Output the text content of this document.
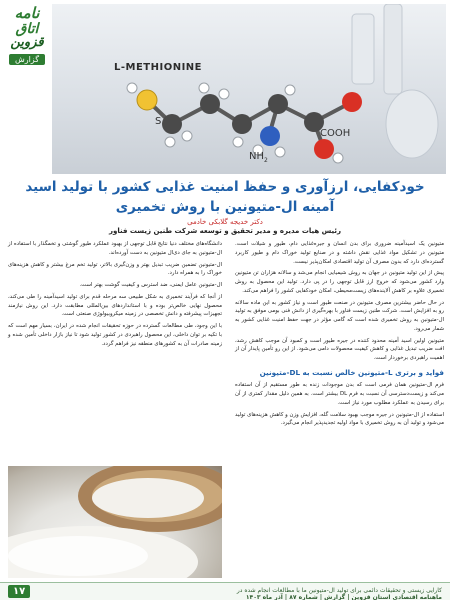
نامه
اتاق
قزوین
گزارش
L-METHIONINE
S
COOH
$NH_2$
خودکفایی، ارزآوری و حفظ امنیت غذایی کشور با تولید اسید آمینه ال-متیونین با روش تخمیری
دکتر خدیجه گلابکی خادمی
رئیس هیات مدیره و مدیر تحقیق و توسعه شرکت طنین زیست فناور

متیونین یک اسیدآمینه ضروری برای بدن انسان و جیره‌غذایی دام، طیور و شیلات است. متیونین در تشکیل مواد غذایی نقش داشته و در صنایع تولید خوراک دام و طیور کاربرد گسترده‌ای دارد که بدون مصرف آن تولید اقتصادی امکان‌پذیر نیست.

پیش از این تولید متیونین در جهان به روش شیمیایی انجام می‌شد و سالانه هزاران تن متیونین وارد کشور می‌شود که خروج ارز قابل توجهی را در پی دارد. تولید این محصول به روش تخمیری علاوه بر کاهش آلاینده‌های زیست‌محیطی، امکان خودکفایی کشور را فراهم می‌کند.

در حال حاضر بیشترین مصرف متیونین در صنعت طیور است و نیاز کشور به این ماده سالانه رو به افزایش است. شرکت طنین زیست فناور با بهره‌گیری از دانش فنی بومی موفق به تولید ال-متیونین به روش تخمیری شده است که گامی مؤثر در جهت حفظ امنیت غذایی کشور به شمار می‌رود.

متیونین اولین اسید آمینه محدود کننده در جیره طیور است و کمبود آن موجب کاهش رشد، افت ضریب تبدیل غذایی و کاهش کیفیت محصولات دامی می‌شود. از این رو تأمین پایدار آن از اهمیت راهبردی برخوردار است.

فواید و برتری L-متیونین خالص نسبت به DL-متیونین

فرم ال-متیونین همان فرمی است که بدن موجودات زنده به طور مستقیم از آن استفاده می‌کند و زیست‌دسترسی آن نسبت به فرم DL بیشتر است. به همین دلیل مقدار کمتری از آن برای رسیدن به عملکرد مطلوب مورد نیاز است.

استفاده از ال-متیونین در جیره موجب بهبود سلامت گله، افزایش وزن و کاهش هزینه‌های تولید می‌شود و تولید آن به روش تخمیری با مواد اولیه تجدیدپذیر انجام می‌گیرد.

دانشگاه‌های مختلف دنیا نتایج قابل توجهی از بهبود عملکرد طیور گوشتی و تخمگذار با استفاده از ال-متیونین به جای دی‌ال متیونین به دست آورده‌اند.

ال-متیونین تضمین ضریب تبدیل بهتر و وزن‌گیری بالاتر، تولید تخم مرغ بیشتر و کاهش هزینه‌های خوراک را به همراه دارد.

ال-متیونین عامل ایمنی، ضد استرس و کیفیت گوشت بهتر است.

از آنجا که فرآیند تخمیری به شکل طبیعی سه مرحله قدم برای تولید اسیدآمینه را طی می‌کند، محصول نهایی خالص‌تر بوده و با استانداردهای بین‌المللی مطابقت دارد. این روش نیازمند تجهیزات پیشرفته و دانش تخصصی در زمینه میکروبیولوژی صنعتی است.

با این وجود، طی مطالعات گسترده در حوزه تحقیقات انجام شده در ایران، بسیار مهم است که با تکیه بر توان داخلی، این محصول راهبردی در کشور تولید شود تا نیاز بازار داخلی تأمین شده و زمینه صادرات آن به کشورهای منطقه نیز فراهم گردد.

۱۷	کارایی زیستی و تحقیقات دائمی برای تولید ال-متیونین ما با مطالعات انجام شده در
ماهنامه اقتصادی استان قزوین | گزارش | شماره ۸۷ | آذر ماه ۱۴۰۳
